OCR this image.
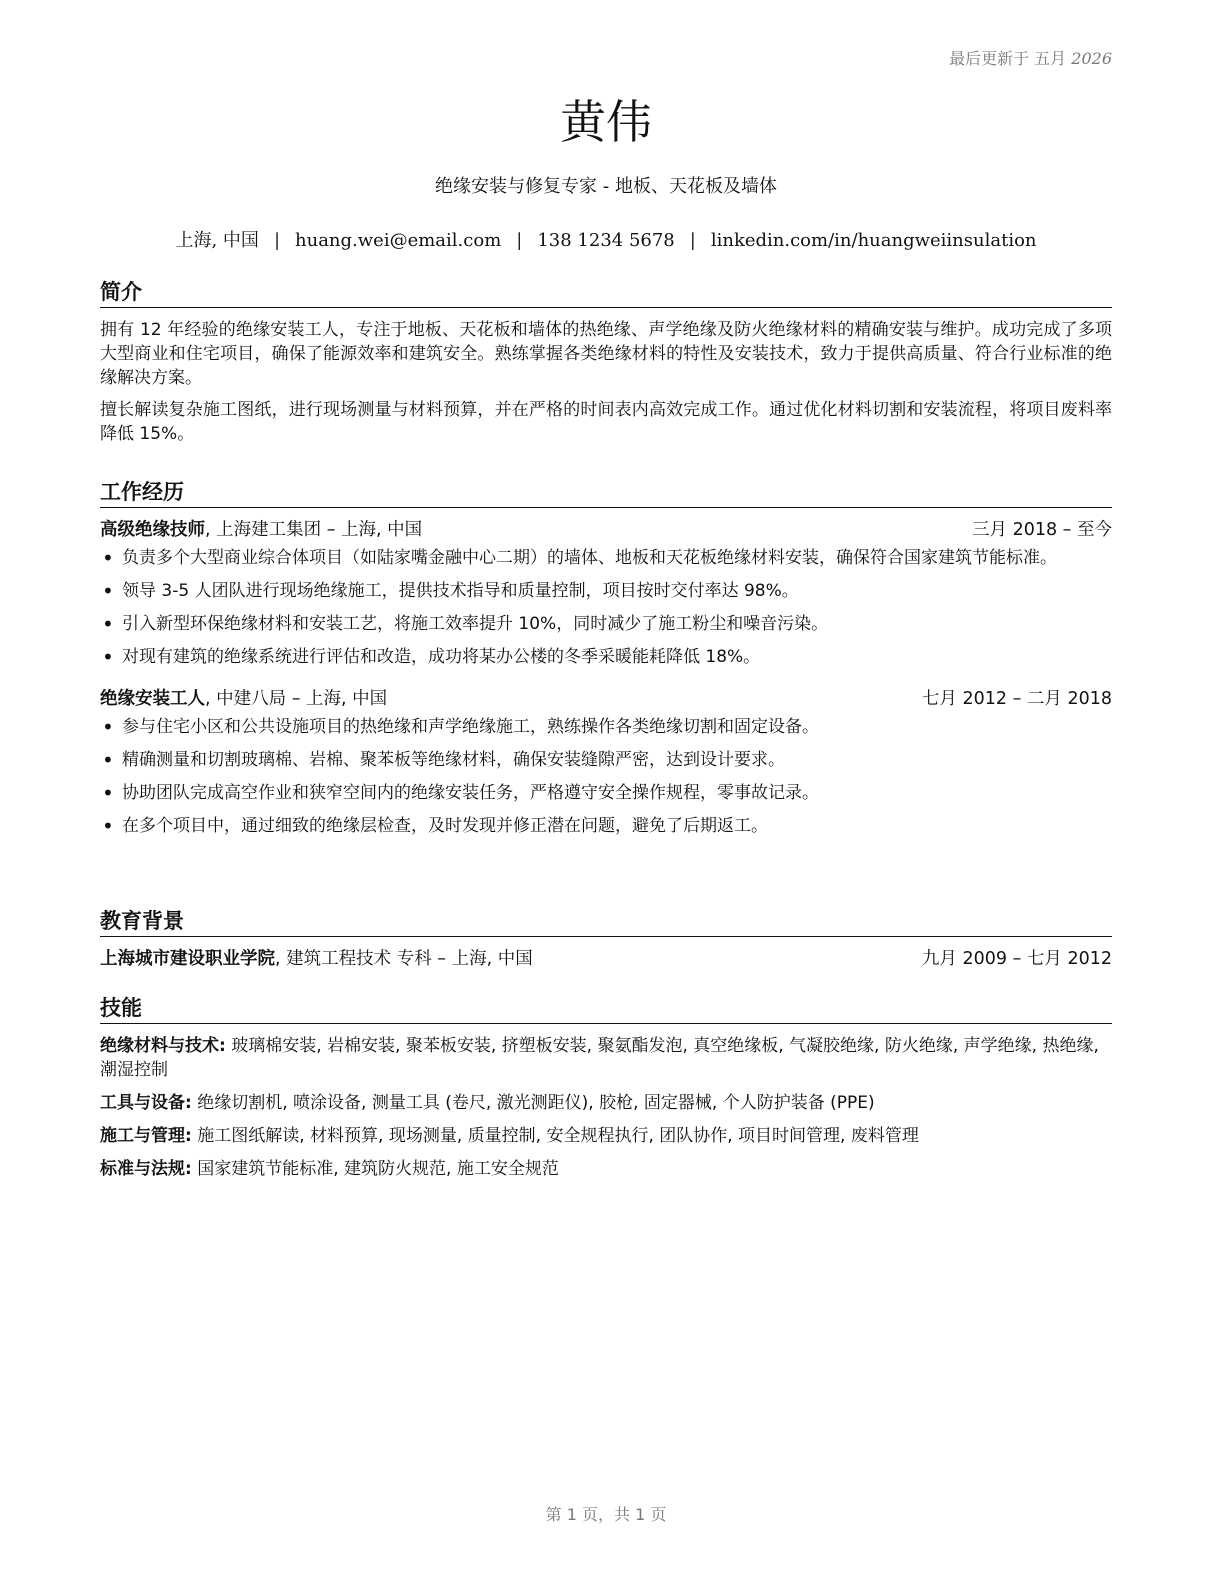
最后更新于 五月 2026
黄伟
绝缘安装与修复专家 - 地板、天花板及墙体
上海, 中国 | huang.wei@email.com | 138 1234 5678 | linkedin.com/in/huangweiinsulation
简介

拥有 12 年经验的绝缘安装工人，专注于地板、天花板和墙体的热绝缘、声学绝缘及防火绝缘材料的精确安装与维护。成功完成了多项大型商业和住宅项目，确保了能源效率和建筑安全。熟练掌握各类绝缘材料的特性及安装技术，致力于提供高质量、符合行业标准的绝缘解决方案。

擅长解读复杂施工图纸，进行现场测量与材料预算，并在严格的时间表内高效完成工作。通过优化材料切割和安装流程，将项目废料率降低 15%。

工作经历
高级绝缘技师, 上海建工集团 – 上海, 中国	三月 2018 – 至今
• 负责多个大型商业综合体项目（如陆家嘴金融中心二期）的墙体、地板和天花板绝缘材料安装，确保符合国家建筑节能标准。
• 领导 3-5 人团队进行现场绝缘施工，提供技术指导和质量控制，项目按时交付率达 98%。
• 引入新型环保绝缘材料和安装工艺，将施工效率提升 10%，同时减少了施工粉尘和噪音污染。
• 对现有建筑的绝缘系统进行评估和改造，成功将某办公楼的冬季采暖能耗降低 18%。
绝缘安装工人, 中建八局 – 上海, 中国	七月 2012 – 二月 2018
• 参与住宅小区和公共设施项目的热绝缘和声学绝缘施工，熟练操作各类绝缘切割和固定设备。
• 精确测量和切割玻璃棉、岩棉、聚苯板等绝缘材料，确保安装缝隙严密，达到设计要求。
• 协助团队完成高空作业和狭窄空间内的绝缘安装任务，严格遵守安全操作规程，零事故记录。
• 在多个项目中，通过细致的绝缘层检查，及时发现并修正潜在问题，避免了后期返工。
教育背景
上海城市建设职业学院, 建筑工程技术 专科 – 上海, 中国	九月 2009 – 七月 2012
技能

绝缘材料与技术: 玻璃棉安装, 岩棉安装, 聚苯板安装, 挤塑板安装, 聚氨酯发泡, 真空绝缘板, 气凝胶绝缘, 防火绝缘, 声学绝缘, 热绝缘, 潮湿控制

工具与设备: 绝缘切割机, 喷涂设备, 测量工具 (卷尺, 激光测距仪), 胶枪, 固定器械, 个人防护装备 (PPE)

施工与管理: 施工图纸解读, 材料预算, 现场测量, 质量控制, 安全规程执行, 团队协作, 项目时间管理, 废料管理

标准与法规: 国家建筑节能标准, 建筑防火规范, 施工安全规范

第 1 页，共 1 页
